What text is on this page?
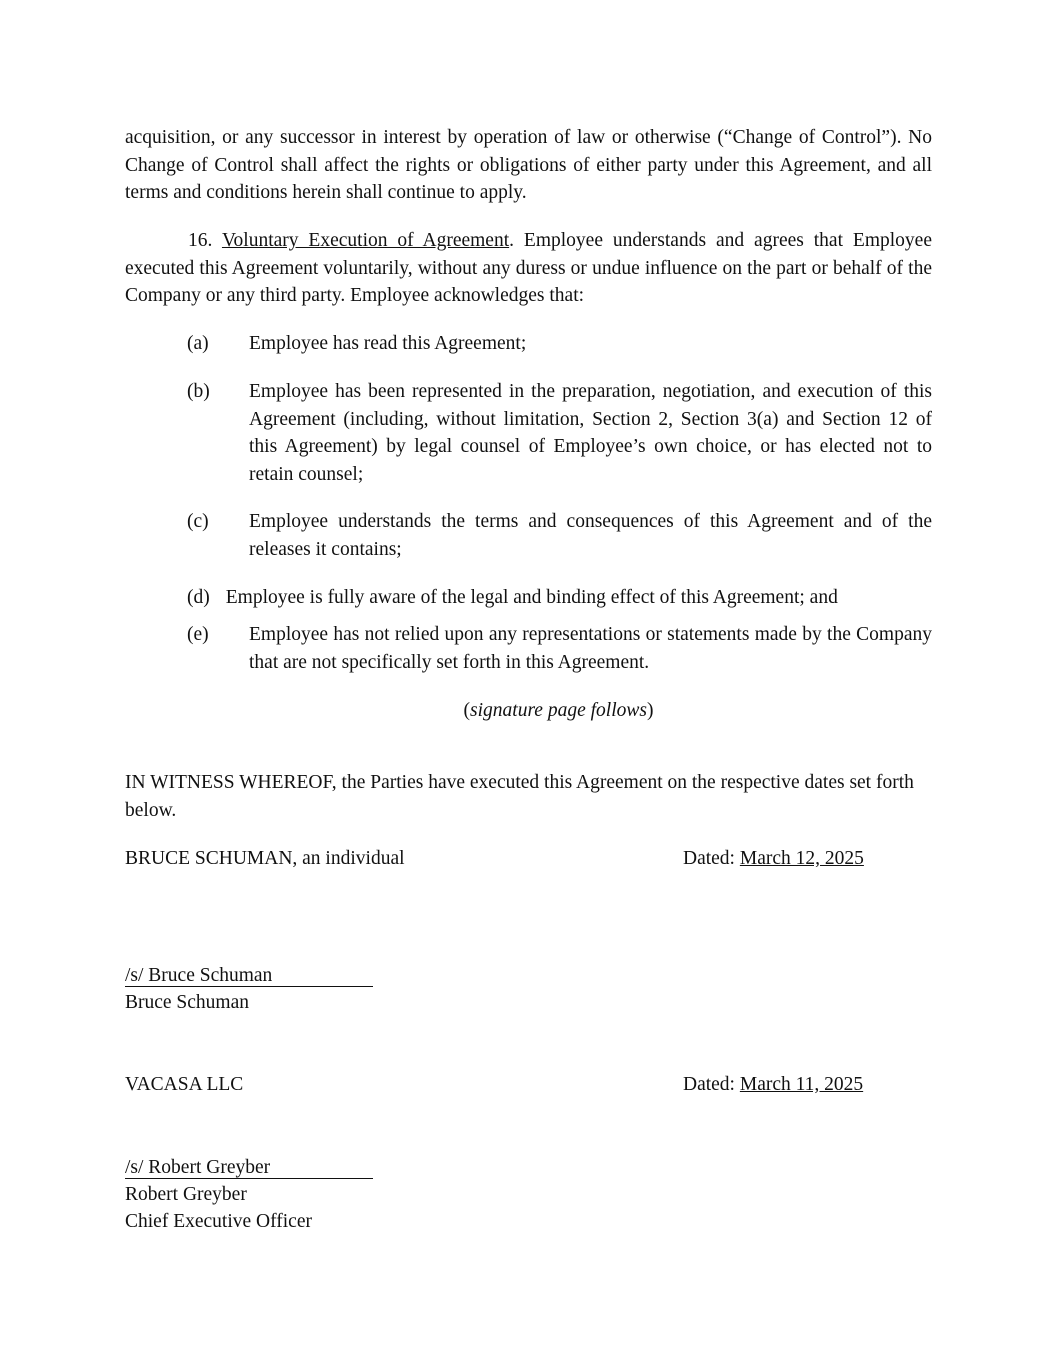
acquisition, or any successor in interest by operation of law or otherwise (“Change of Control”). No Change of Control shall affect the rights or obligations of either party under this Agreement, and all terms and conditions herein shall continue to apply.

16. Voluntary Execution of Agreement. Employee understands and agrees that Employee executed this Agreement voluntarily, without any duress or undue influence on the part or behalf of the Company or any third party. Employee acknowledges that:

(a) Employee has read this Agreement;

(b) Employee has been represented in the preparation, negotiation, and execution of this Agreement (including, without limitation, Section 2, Section 3(a) and Section 12 of this Agreement) by legal counsel of Employee’s own choice, or has elected not to retain counsel;

(c) Employee understands the terms and consequences of this Agreement and of the releases it contains;

(d) Employee is fully aware of the legal and binding effect of this Agreement; and
(e) Employee has not relied upon any representations or statements made by the Company that are not specifically set forth in this Agreement.

(signature page follows)

IN WITNESS WHEREOF, the Parties have executed this Agreement on the respective dates set forth below.

BRUCE SCHUMAN, an individual	Dated: March 12, 2025
/s/ Bruce Schuman
Bruce Schuman
VACASA LLC	Dated: March 11, 2025
/s/ Robert Greyber
Robert Greyber
Chief Executive Officer
